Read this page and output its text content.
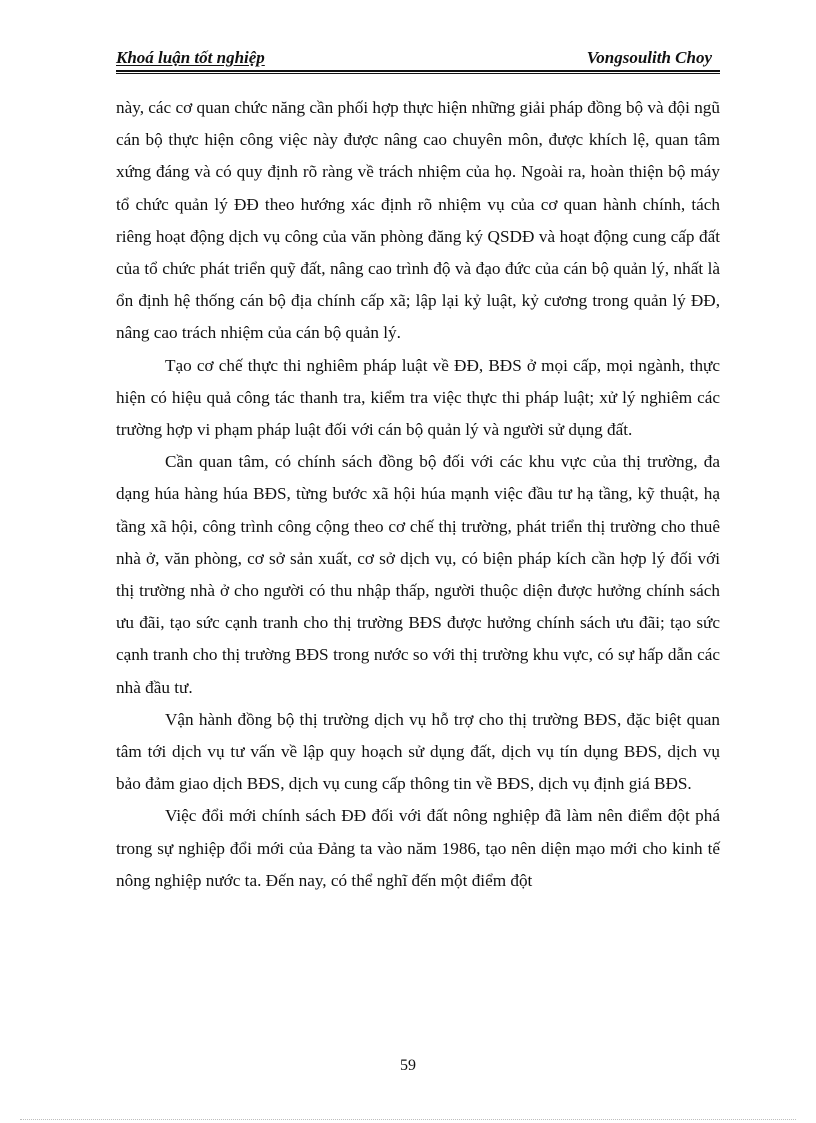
Khoá luận tốt nghiệp	Vongsoulith Choy

này, các cơ quan chức năng cần phối hợp thực hiện những giải pháp đồng bộ và đội ngũ cán bộ thực hiện công việc này được nâng cao chuyên môn, được khích lệ, quan tâm xứng đáng và có quy định rõ ràng về trách nhiệm của họ. Ngoài ra, hoàn thiện bộ máy tổ chức quản lý ĐĐ theo hướng xác định rõ nhiệm vụ của cơ quan hành chính, tách riêng hoạt động dịch vụ công của văn phòng đăng ký QSDĐ và hoạt động cung cấp đất của tổ chức phát triển quỹ đất, nâng cao trình độ và đạo đức của cán bộ quản lý, nhất là ổn định hệ thống cán bộ địa chính cấp xã; lập lại kỷ luật, kỷ cương trong quản lý ĐĐ, nâng cao trách nhiệm của cán bộ quản lý.

Tạo cơ chế thực thi nghiêm pháp luật về ĐĐ, BĐS ở mọi cấp, mọi ngành, thực hiện có hiệu quả công tác thanh tra, kiểm tra việc thực thi pháp luật; xử lý nghiêm các trường hợp vi phạm pháp luật đối với cán bộ quản lý và người sử dụng đất.

Cần quan tâm, có chính sách đồng bộ đối với các khu vực của thị trường, đa dạng húa hàng húa BĐS, từng bước xã hội húa mạnh việc đầu tư hạ tầng, kỹ thuật, hạ tầng xã hội, công trình công cộng theo cơ chế thị trường, phát triển thị trường cho thuê nhà ở, văn phòng, cơ sở sản xuất, cơ sở dịch vụ, có biện pháp kích cần hợp lý đối với thị trường nhà ở cho người có thu nhập thấp, người thuộc diện được hưởng chính sách ưu đãi, tạo sức cạnh tranh cho thị trường BĐS được hưởng chính sách ưu đãi; tạo sức cạnh tranh cho thị trường BĐS trong nước so với thị trường khu vực, có sự hấp dẫn các nhà đầu tư.

Vận hành đồng bộ thị trường dịch vụ hỗ trợ cho thị trường BĐS, đặc biệt quan tâm tới dịch vụ tư vấn về lập quy hoạch sử dụng đất, dịch vụ tín dụng BĐS, dịch vụ bảo đảm giao dịch BĐS, dịch vụ cung cấp thông tin về BĐS, dịch vụ định giá BĐS.

Việc đổi mới chính sách ĐĐ đối với đất nông nghiệp đã làm nên điểm đột phá trong sự nghiệp đổi mới của Đảng ta vào năm 1986, tạo nên diện mạo mới cho kinh tế nông nghiệp nước ta. Đến nay, có thể nghĩ đến một điểm đột

59
